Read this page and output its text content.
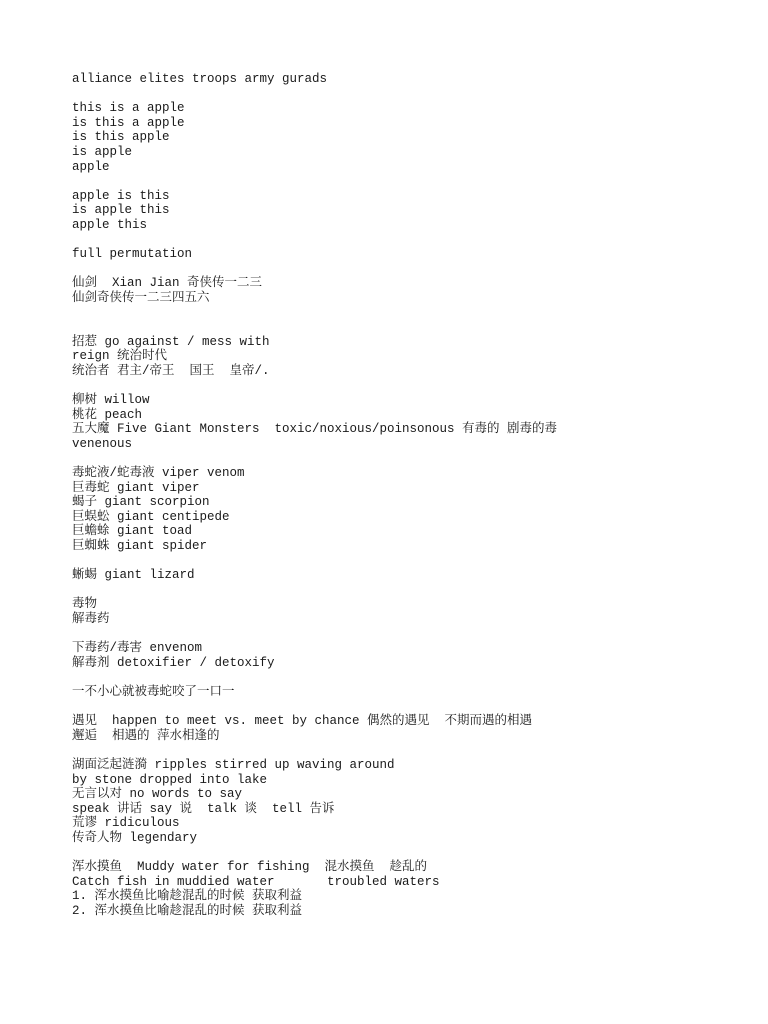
alliance elites troops army gurads
this is a apple
is this a apple
is this apple
is apple
apple
apple is this
is apple this
apple this
full permutation
仙剑  Xian Jian 奇侠传一二三
仙剑奇侠传一二三四五六
招惹 go against / mess with
reign 统治时代
统治者 君主/帝王  国王  皇帝/.
柳树 willow
桃花 peach
五大魔 Five Giant Monsters  toxic/noxious/poinsonous 有毒的 剧毒的毒
venenous
毒蛇液/蛇毒液 viper venom
巨毒蛇 giant viper
蝎子 giant scorpion
巨蜈蚣 giant centipede
巨蟾蜍 giant toad
巨蜘蛛 giant spider
蜥蜴 giant lizard
毒物
解毒药
下毒药/毒害 envenom
解毒剂 detoxifier / detoxify
一不小心就被毒蛇咬了一口一
遇见  happen to meet vs. meet by chance 偶然的遇见  不期而遇的相遇
邂逅  相遇的 萍水相逢的
湖面泛起涟漪 ripples stirred up waving around
by stone dropped into lake
无言以对 no words to say
speak 讲话 say 说  talk 谈  tell 告诉
荒谬 ridiculous
传奇人物 legendary
浑水摸鱼  Muddy water for fishing  混水摸鱼  趁乱的
Catch fish in muddied water       troubled waters
1. 浑水摸鱼比喻趁混乱的时候 获取利益
2. 浑水摸鱼比喻趁混乱的时候 获取利益
